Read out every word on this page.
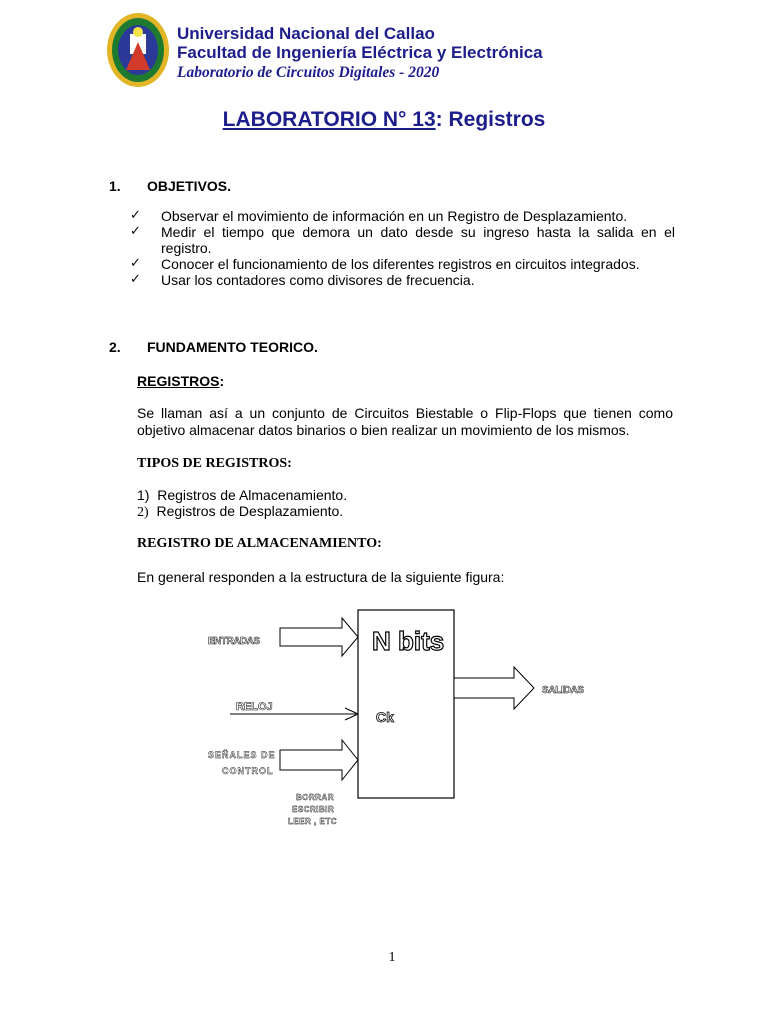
Universidad Nacional del Callao
Facultad de Ingeniería Eléctrica y Electrónica
Laboratorio de Circuitos Digitales - 2020
LABORATORIO N° 13: Registros
1. OBJETIVOS.
✓ Observar el movimiento de información en un Registro de Desplazamiento.
✓ Medir el tiempo que demora un dato desde su ingreso hasta la salida en el registro.
✓ Conocer el funcionamiento de los diferentes registros en circuitos integrados.
✓ Usar los contadores como divisores de frecuencia.
2. FUNDAMENTO TEORICO.
REGISTROS:
Se llaman así a un conjunto de Circuitos Biestable o Flip-Flops que tienen como objetivo almacenar datos binarios o bien realizar un movimiento de los mismos.
TIPOS DE REGISTROS:
1) Registros de Almacenamiento.
2) Registros de Desplazamiento.
REGISTRO DE ALMACENAMIENTO:
En general responden a la estructura de la siguiente figura:
N bits
Ck
ENTRADAS
RELOJ
SEÑALES DE
CONTROL
BORRAR
ESCRIBIR
LEER , ETC
SALIDAS
1
